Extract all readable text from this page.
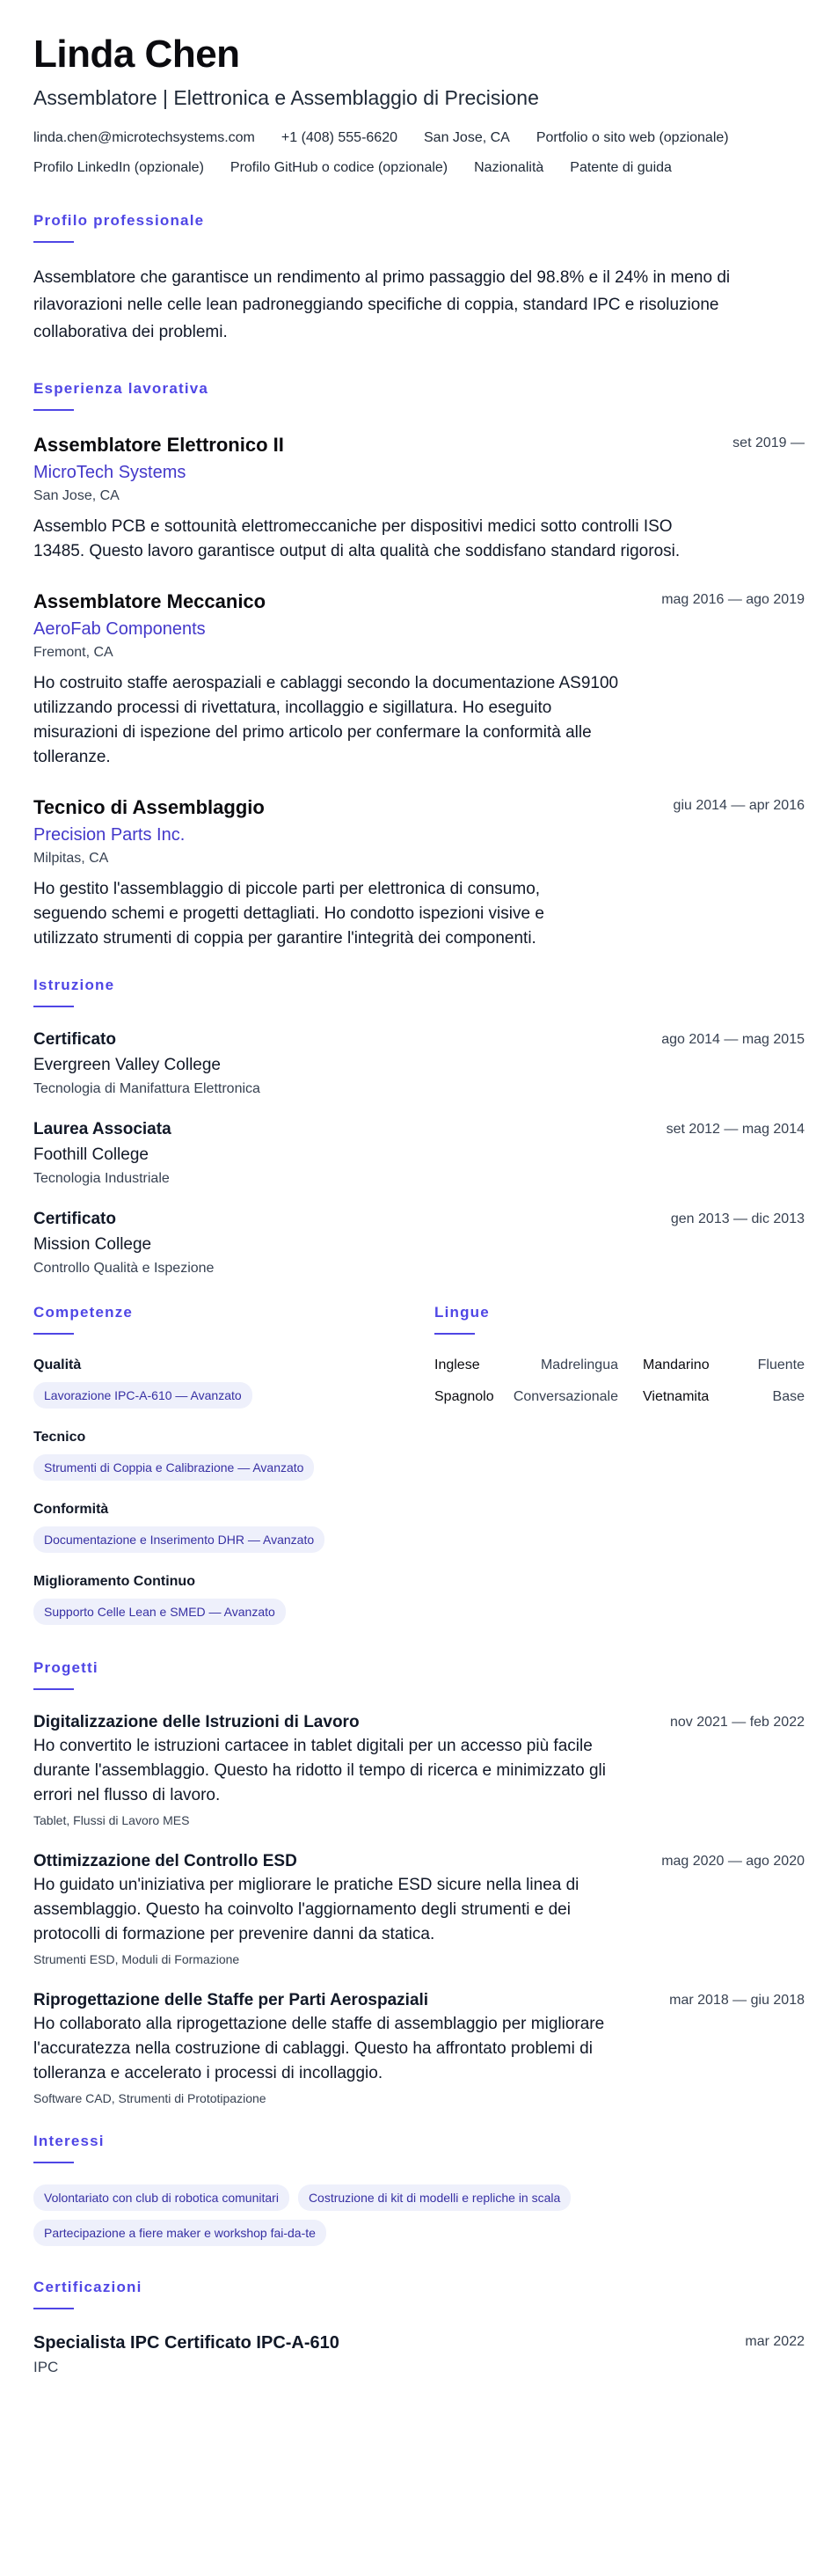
Linda Chen
Assemblatore | Elettronica e Assemblaggio di Precisione
linda.chen@microtechsystems.com +1 (408) 555-6620 San Jose, CA Portfolio o sito web (opzionale)
Profilo LinkedIn (opzionale) Profilo GitHub o codice (opzionale) Nazionalità Patente di guida
Profilo professionale

Assemblatore che garantisce un rendimento al primo passaggio del 98.8% e il 24% in meno di rilavorazioni nelle celle lean padroneggiando specifiche di coppia, standard IPC e risoluzione collaborativa dei problemi.

Esperienza lavorativa
Assemblatore Elettronico II	set 2019 —
MicroTech Systems
San Jose, CA

Assemblo PCB e sottounità elettromeccaniche per dispositivi medici sotto controlli ISO 13485. Questo lavoro garantisce output di alta qualità che soddisfano standard rigorosi.

Assemblatore Meccanico	mag 2016 — ago 2019
AeroFab Components
Fremont, CA

Ho costruito staffe aerospaziali e cablaggi secondo la documentazione AS9100 utilizzando processi di rivettatura, incollaggio e sigillatura. Ho eseguito misurazioni di ispezione del primo articolo per confermare la conformità alle tolleranze.

Tecnico di Assemblaggio	giu 2014 — apr 2016
Precision Parts Inc.
Milpitas, CA

Ho gestito l'assemblaggio di piccole parti per elettronica di consumo, seguendo schemi e progetti dettagliati. Ho condotto ispezioni visive e utilizzato strumenti di coppia per garantire l'integrità dei componenti.

Istruzione
Certificato	ago 2014 — mag 2015
Evergreen Valley College
Tecnologia di Manifattura Elettronica
Laurea Associata	set 2012 — mag 2014
Foothill College
Tecnologia Industriale
Certificato	gen 2013 — dic 2013
Mission College
Controllo Qualità e Ispezione
Competenze
Qualità
Lavorazione IPC-A-610 — Avanzato
Tecnico
Strumenti di Coppia e Calibrazione — Avanzato
Conformità
Documentazione e Inserimento DHR — Avanzato
Miglioramento Continuo
Supporto Celle Lean e SMED — Avanzato
Lingue
Inglese	Madrelingua Mandarino	Fluente
Spagnolo	Conversazionale Vietnamita	Base
Progetti
Digitalizzazione delle Istruzioni di Lavoro	nov 2021 — feb 2022

Ho convertito le istruzioni cartacee in tablet digitali per un accesso più facile durante l'assemblaggio. Questo ha ridotto il tempo di ricerca e minimizzato gli errori nel flusso di lavoro.

Tablet, Flussi di Lavoro MES
Ottimizzazione del Controllo ESD	mag 2020 — ago 2020

Ho guidato un'iniziativa per migliorare le pratiche ESD sicure nella linea di assemblaggio. Questo ha coinvolto l'aggiornamento degli strumenti e dei protocolli di formazione per prevenire danni da statica.

Strumenti ESD, Moduli di Formazione
Riprogettazione delle Staffe per Parti Aerospaziali	mar 2018 — giu 2018

Ho collaborato alla riprogettazione delle staffe di assemblaggio per migliorare l'accuratezza nella costruzione di cablaggi. Questo ha affrontato problemi di tolleranza e accelerato i processi di incollaggio.

Software CAD, Strumenti di Prototipazione
Interessi
Volontariato con club di robotica comunitari	Costruzione di kit di modelli e repliche in scala
Partecipazione a fiere maker e workshop fai-da-te
Certificazioni
Specialista IPC Certificato IPC-A-610	mar 2022
IPC
